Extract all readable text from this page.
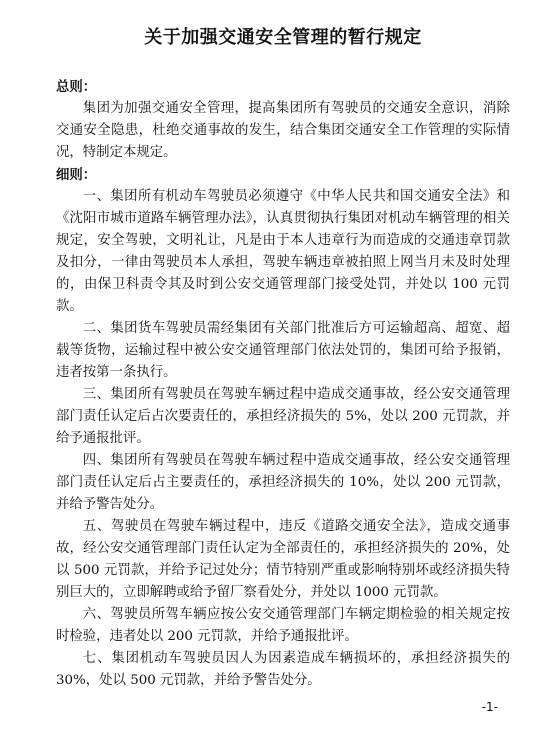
关于加强交通安全管理的暂行规定

总则：

集团为加强交通安全管理，提高集团所有驾驶员的交通安全意识，消除交通安全隐患，杜绝交通事故的发生，结合集团交通安全工作管理的实际情况，特制定本规定。

细则：

一、集团所有机动车驾驶员必须遵守《中华人民共和国交通安全法》和《沈阳市城市道路车辆管理办法》，认真贯彻执行集团对机动车辆管理的相关规定，安全驾驶，文明礼让，凡是由于本人违章行为而造成的交通违章罚款及扣分，一律由驾驶员本人承担，驾驶车辆违章被拍照上网当月未及时处理的，由保卫科责令其及时到公安交通管理部门接受处罚，并处以 100 元罚款。

二、集团货车驾驶员需经集团有关部门批准后方可运输超高、超宽、超载等货物，运输过程中被公安交通管理部门依法处罚的，集团可给予报销，违者按第一条执行。

三、集团所有驾驶员在驾驶车辆过程中造成交通事故，经公安交通管理部门责任认定后占次要责任的，承担经济损失的 5%，处以 200 元罚款，并给予通报批评。

四、集团所有驾驶员在驾驶车辆过程中造成交通事故，经公安交通管理部门责任认定后占主要责任的，承担经济损失的 10%，处以 200 元罚款，并给予警告处分。

五、驾驶员在驾驶车辆过程中，违反《道路交通安全法》，造成交通事故，经公安交通管理部门责任认定为全部责任的，承担经济损失的 20%，处以 500 元罚款，并给予记过处分；情节特别严重或影响特别坏或经济损失特别巨大的，立即解聘或给予留厂察看处分，并处以 1000 元罚款。

六、驾驶员所驾车辆应按公安交通管理部门车辆定期检验的相关规定按时检验，违者处以 200 元罚款，并给予通报批评。

七、集团机动车驾驶员因人为因素造成车辆损坏的，承担经济损失的 30%，处以 500 元罚款，并给予警告处分。

-1-
